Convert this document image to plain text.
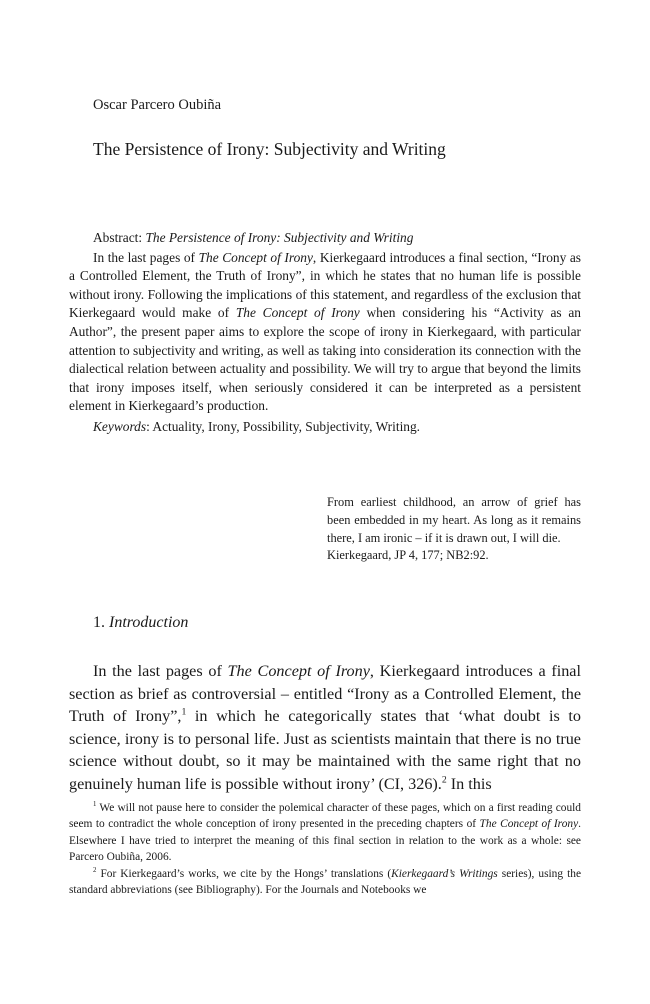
Oscar Parcero Oubiña
The Persistence of Irony: Subjectivity and Writing

Abstract: The Persistence of Irony: Subjectivity and Writing

In the last pages of The Concept of Irony, Kierkegaard introduces a final section, “Irony as a Controlled Element, the Truth of Irony”, in which he states that no human life is possible without irony. Following the implications of this statement, and regardless of the exclusion that Kierkegaard would make of The Concept of Irony when considering his “Activity as an Author”, the present paper aims to explore the scope of irony in Kierkegaard, with particular attention to subjectivity and writing, as well as taking into consideration its connection with the dialectical relation between actuality and possibility. We will try to argue that beyond the limits that irony imposes itself, when seriously considered it can be interpreted as a persistent element in Kierkegaard’s production.

Keywords: Actuality, Irony, Possibility, Subjectivity, Writing.

From earliest childhood, an arrow of grief has been embedded in my heart. As long as it remains there, I am ironic – if it is drawn out, I will die.
Kierkegaard, JP 4, 177; NB2:92.
1. Introduction

In the last pages of The Concept of Irony, Kierkegaard introduces a final section as brief as controversial – entitled “Irony as a Controlled Element, the Truth of Irony”,$^1$ in which he categorically states that ‘what doubt is to science, irony is to personal life. Just as scientists maintain that there is no true science without doubt, so it may be maintained with the same right that no genuinely human life is possible without irony’ (CI, 326).$^2$ In this

$^1$ We will not pause here to consider the polemical character of these pages, which on a first reading could seem to contradict the whole conception of irony presented in the preceding chapters of The Concept of Irony. Elsewhere I have tried to interpret the meaning of this final section in relation to the work as a whole: see Parcero Oubiña, 2006.

$^2$ For Kierkegaard’s works, we cite by the Hongs’ translations (Kierkegaard’s Writings series), using the standard abbreviations (see Bibliography). For the Journals and Notebooks we
